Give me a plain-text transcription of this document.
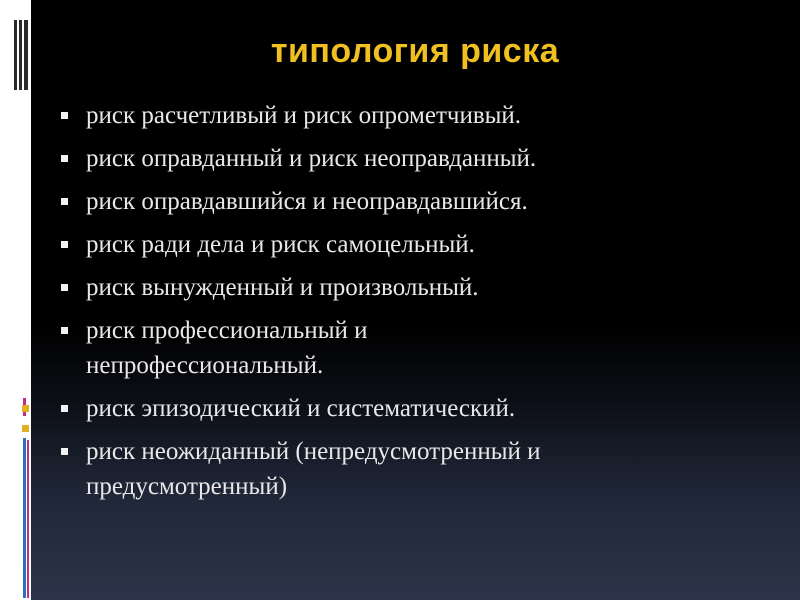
типология риска
риск расчетливый и риск опрометчивый.
риск оправданный и риск неоправданный.
риск оправдавшийся и неоправдавшийся.
риск ради дела и риск самоцельный.
риск вынужденный и произвольный.
риск профессиональный и непрофессиональный.
риск эпизодический и систематический.
риск неожиданный (непредусмотренный и предусмотренный)
